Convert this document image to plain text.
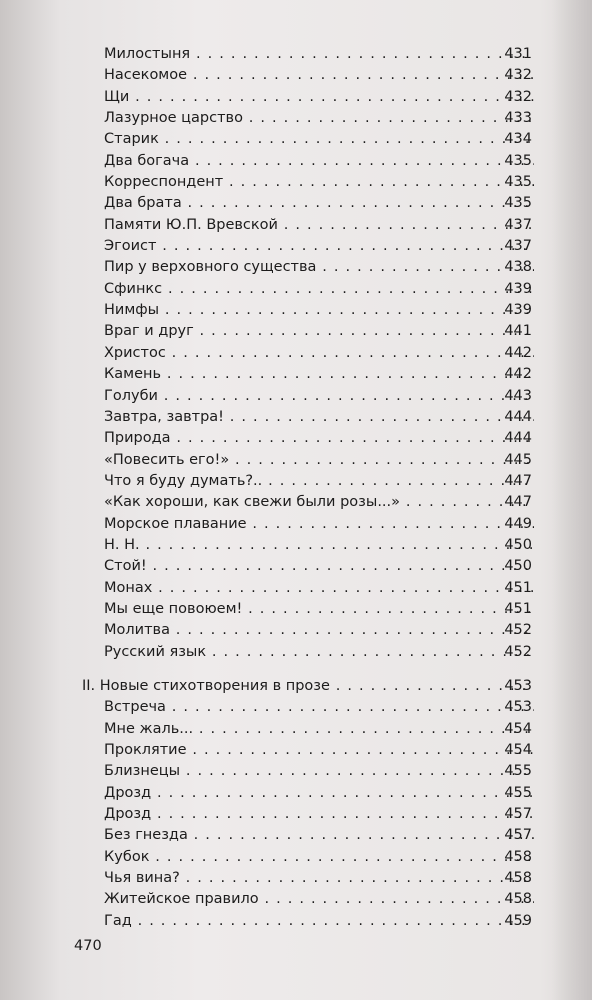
Милостыня . . .	431
Насекомое . . .	432
Щи . . .	432
Лазурное царство . . .	433
Старик . . .	434
Два богача . . .	435
Корреспондент . . .	435
Два брата . . .	435
Памяти Ю.П. Вревской . . .	437
Эгоист . . .	437
Пир у верховного существа . . .	438
Сфинкс . . .	439
Нимфы . . .	439
Враг и друг . . .	441
Христос . . .	442
Камень . . .	442
Голуби . . .	443
Завтра, завтра! . . .	444
Природа . . .	444
«Повесить его!» . . .	445
Что я буду думать?.. . . .	447
«Как хороши, как свежи были розы...» . . .	447
Морское плавание . . .	449
Н. Н. . . .	450
Стой! . . .	450
Монах . . .	451
Мы еще повоюем! . . .	451
Молитва . . .	452
Русский язык . . .	452
II. Новые стихотворения в прозе . . .	453
Встреча . . .	453
Мне жаль... . . .	454
Проклятие . . .	454
Близнецы . . .	455
Дрозд . . .	455
Дрозд . . .	457
Без гнезда . . .	457
Кубок . . .	458
Чья вина? . . .	458
Житейское правило . . .	458
Гад . . .	459
470
